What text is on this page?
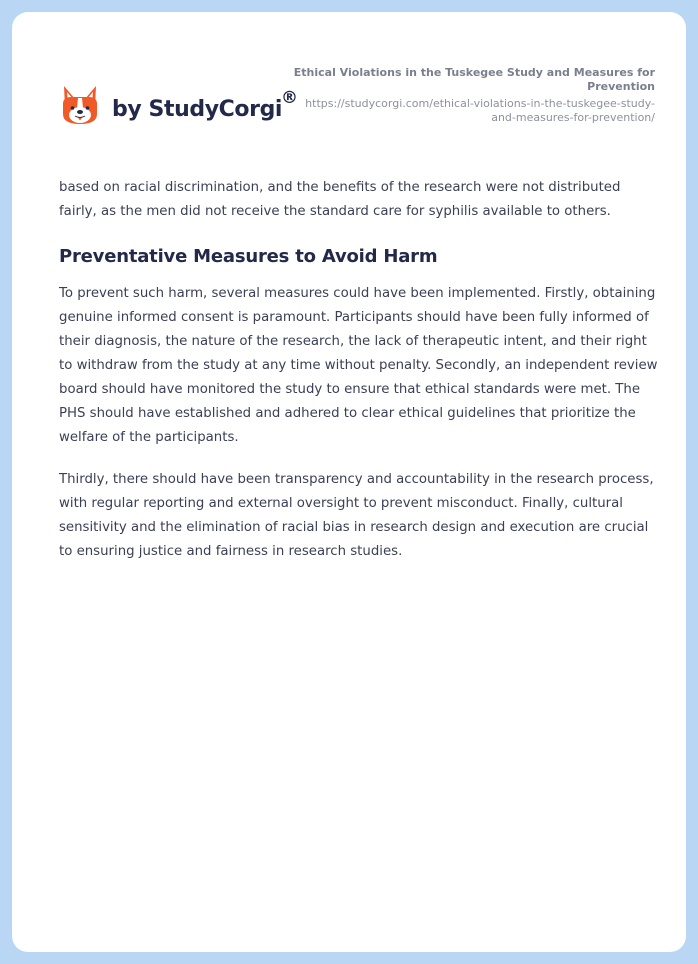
by StudyCorgi
®
Ethical Violations in the Tuskegee Study and Measures for Prevention
https://studycorgi.com/ethical-violations-in-the-tuskegee-study-and-measures-for-prevention/

based on racial discrimination, and the benefits of the research were not distributed fairly, as the men did not receive the standard care for syphilis available to others.

Preventative Measures to Avoid Harm

To prevent such harm, several measures could have been implemented. Firstly, obtaining genuine informed consent is paramount. Participants should have been fully informed of their diagnosis, the nature of the research, the lack of therapeutic intent, and their right to withdraw from the study at any time without penalty. Secondly, an independent review board should have monitored the study to ensure that ethical standards were met. The PHS should have established and adhered to clear ethical guidelines that prioritize the welfare of the participants.

Thirdly, there should have been transparency and accountability in the research process, with regular reporting and external oversight to prevent misconduct. Finally, cultural sensitivity and the elimination of racial bias in research design and execution are crucial to ensuring justice and fairness in research studies.
